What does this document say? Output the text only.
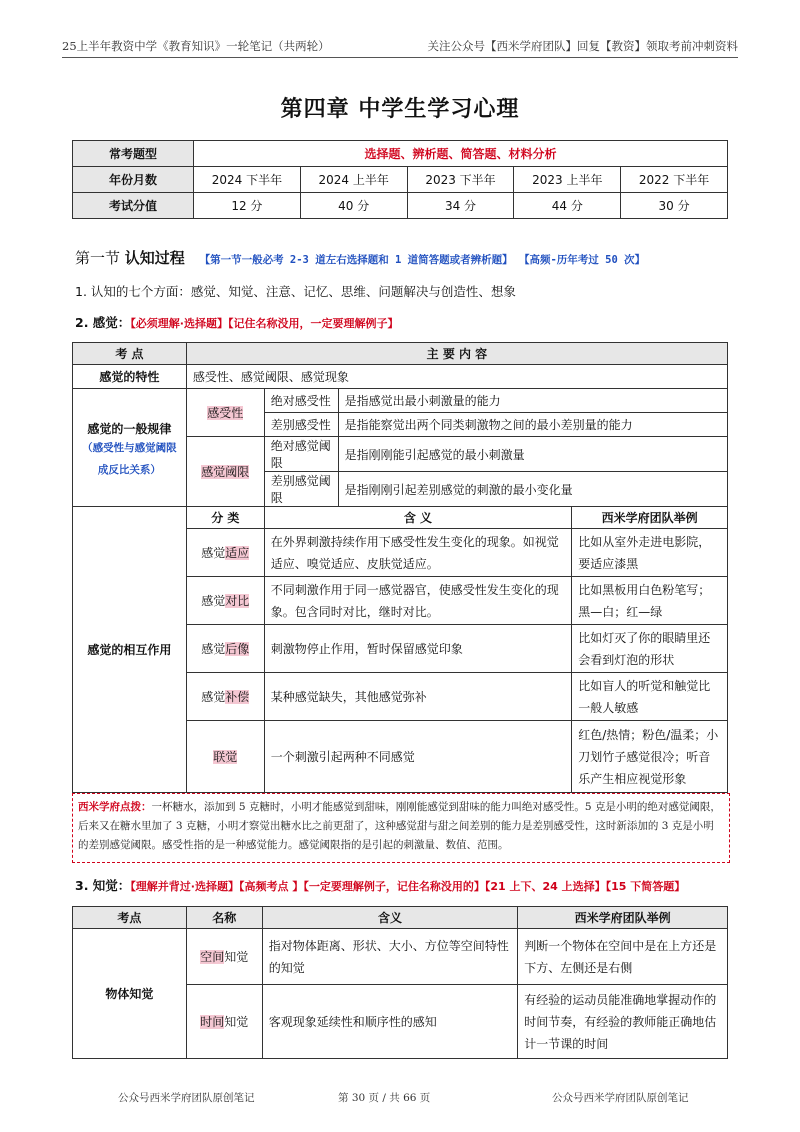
25上半年教资中学《教育知识》一轮笔记（共两轮）	关注公众号【西米学府团队】回复【教资】领取考前冲刺资料
第四章 中学生学习心理
常考题型	选择题、辨析题、简答题、材料分析				
年份月数	2024 下半年	2024 上半年	2023 下半年	2023 上半年	2022 下半年
考试分值	12 分	40 分	34 分	44 分	30 分
第一节 认知过程 【第一节一般必考 2-3 道左右选择题和 1 道简答题或者辨析题】 【高频-历年考过 50 次】
1. 认知的七个方面：感觉、知觉、注意、记忆、思维、问题解决与创造性、想象
2. 感觉：【必须理解·选择题】【记住名称没用，一定要理解例子】
考 点	主 要 内 容			
感觉的特性	感受性、感觉阈限、感觉现象			

感觉的一般规律
（感受性与感觉阈限成反比关系）	感受性	绝对感受性	是指感觉出最小刺激量的能力	
		差别感受性	是指能察觉出两个同类刺激物之间的最小差别量的能力	
	感觉阈限	绝对感觉阈限	是指刚刚能引起感觉的最小刺激量	
		差别感觉阈限	是指刚刚引起差别感觉的刺激的最小变化量	
感觉的相互作用	分 类	含 义		西米学府团队举例
	感觉适应	在外界刺激持续作用下感受性发生变化的现象。如视觉适应、嗅觉适应、皮肤觉适应。		比如从室外走进电影院，要适应漆黑
	感觉对比	不同刺激作用于同一感觉器官，使感受性发生变化的现象。包含同时对比，继时对比。		比如黑板用白色粉笔写；黑—白；红—绿
	感觉后像	刺激物停止作用，暂时保留感觉印象		比如灯灭了你的眼睛里还会看到灯泡的形状
	感觉补偿	某种感觉缺失，其他感觉弥补		比如盲人的听觉和触觉比一般人敏感
	联觉	一个刺激引起两种不同感觉		红色/热情；粉色/温柔；小刀划竹子感觉很冷；听音乐产生相应视觉形象
西米学府点拨：一杯糖水，添加到 5 克糖时，小明才能感觉到甜味，刚刚能感觉到甜味的能力叫绝对感受性。5 克是小明的绝对感觉阈限，后来又在糖水里加了 3 克糖，小明才察觉出糖水比之前更甜了，这种感觉甜与甜之间差别的能力是差别感受性，这时新添加的 3 克是小明的差别感觉阈限。感受性指的是一种感觉能力。感觉阈限指的是引起的刺激量、数值、范围。
3. 知觉：【理解并背过·选择题】【高频考点 】【一定要理解例子，记住名称没用的】【21 上下、24 上选择】【15 下简答题】
考点	名称	含义	西米学府团队举例
物体知觉	空间知觉	指对物体距离、形状、大小、方位等空间特性的知觉	判断一个物体在空间中是在上方还是下方、左侧还是右侧
	时间知觉	客观现象延续性和顺序性的感知	有经验的运动员能准确地掌握动作的时间节奏，有经验的教师能正确地估计一节课的时间
公众号西米学府团队原创笔记	第 30 页 / 共 66 页	公众号西米学府团队原创笔记
